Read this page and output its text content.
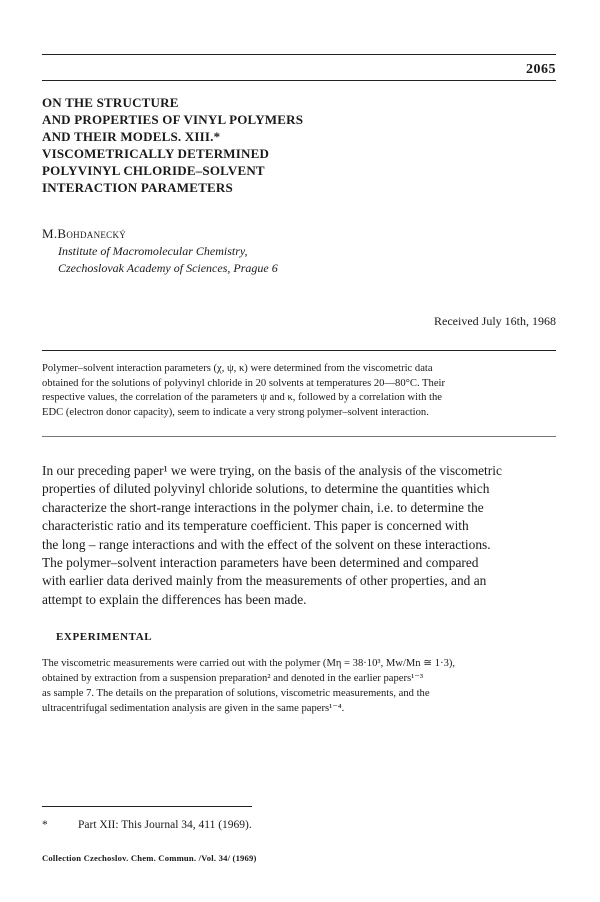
2065
ON THE STRUCTURE
AND PROPERTIES OF VINYL POLYMERS
AND THEIR MODELS. XIII.*
VISCOMETRICALLY DETERMINED
POLYVINYL CHLORIDE–SOLVENT
INTERACTION PARAMETERS
M.Bohdanecký
Institute of Macromolecular Chemistry,
Czechoslovak Academy of Sciences, Prague 6
Received July 16th, 1968
Polymer–solvent interaction parameters (χ, ψ, κ) were determined from the viscometric data
obtained for the solutions of polyvinyl chloride in 20 solvents at temperatures 20—80°C. Their
respective values, the correlation of the parameters ψ and κ, followed by a correlation with the
EDC (electron donor capacity), seem to indicate a very strong polymer–solvent interaction.
In our preceding paper¹ we were trying, on the basis of the analysis of the viscometric
properties of diluted polyvinyl chloride solutions, to determine the quantities which
characterize the short-range interactions in the polymer chain, i.e. to determine the
characteristic ratio and its temperature coefficient. This paper is concerned with
the long – range interactions and with the effect of the solvent on these interactions.
The polymer–solvent interaction parameters have been determined and compared
with earlier data derived mainly from the measurements of other properties, and an
attempt to explain the differences has been made.
EXPERIMENTAL
The viscometric measurements were carried out with the polymer (Mη = 38·10³, Mw/Mn ≅ 1·3),
obtained by extraction from a suspension preparation² and denoted in the earlier papers¹⁻³
as sample 7. The details on the preparation of solutions, viscometric measurements, and the
ultracentrifugal sedimentation analysis are given in the same papers¹⁻⁴.
*	Part XII: This Journal 34, 411 (1969).
Collection Czechoslov. Chem. Commun. /Vol. 34/ (1969)
